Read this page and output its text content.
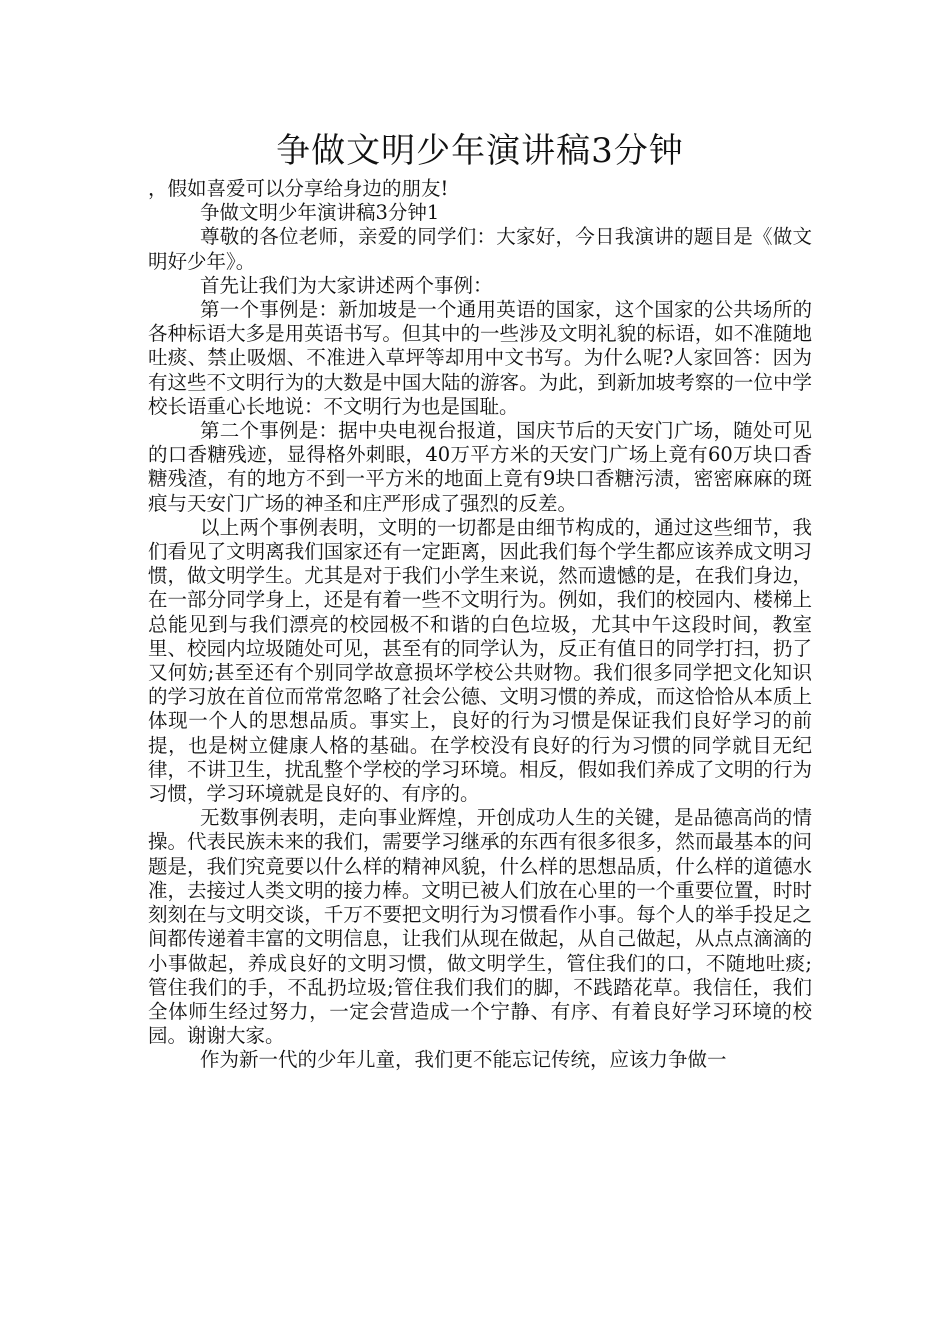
争做文明少年演讲稿3分钟

，假如喜爱可以分享给身边的朋友!

争做文明少年演讲稿3分钟1

尊敬的各位老师，亲爱的同学们：大家好，今日我演讲的题目是《做文明好少年》。

首先让我们为大家讲述两个事例：

第一个事例是：新加坡是一个通用英语的国家，这个国家的公共场所的各种标语大多是用英语书写。但其中的一些涉及文明礼貌的标语，如不准随地吐痰、禁止吸烟、不准进入草坪等却用中文书写。为什么呢?人家回答：因为有这些不文明行为的大数是中国大陆的游客。为此，到新加坡考察的一位中学校长语重心长地说：不文明行为也是国耻。

第二个事例是：据中央电视台报道，国庆节后的天安门广场，随处可见的口香糖残迹，显得格外刺眼，40万平方米的天安门广场上竟有60万块口香糖残渣，有的地方不到一平方米的地面上竟有9块口香糖污渍，密密麻麻的斑痕与天安门广场的神圣和庄严形成了强烈的反差。

以上两个事例表明，文明的一切都是由细节构成的，通过这些细节，我们看见了文明离我们国家还有一定距离，因此我们每个学生都应该养成文明习惯，做文明学生。尤其是对于我们小学生来说，然而遗憾的是，在我们身边，在一部分同学身上，还是有着一些不文明行为。例如，我们的校园内、楼梯上总能见到与我们漂亮的校园极不和谐的白色垃圾，尤其中午这段时间，教室里、校园内垃圾随处可见，甚至有的同学认为，反正有值日的同学打扫，扔了又何妨;甚至还有个别同学故意损坏学校公共财物。我们很多同学把文化知识的学习放在首位而常常忽略了社会公德、文明习惯的养成，而这恰恰从本质上体现一个人的思想品质。事实上，良好的行为习惯是保证我们良好学习的前提，也是树立健康人格的基础。在学校没有良好的行为习惯的同学就目无纪律，不讲卫生，扰乱整个学校的学习环境。相反，假如我们养成了文明的行为习惯，学习环境就是良好的、有序的。

无数事例表明，走向事业辉煌，开创成功人生的关键，是品德高尚的情操。代表民族未来的我们，需要学习继承的东西有很多很多，然而最基本的问题是，我们究竟要以什么样的精神风貌，什么样的思想品质，什么样的道德水准，去接过人类文明的接力棒。文明已被人们放在心里的一个重要位置，时时刻刻在与文明交谈，千万不要把文明行为习惯看作小事。每个人的举手投足之间都传递着丰富的文明信息，让我们从现在做起，从自己做起，从点点滴滴的小事做起，养成良好的文明习惯，做文明学生，管住我们的口，不随地吐痰;管住我们的手，不乱扔垃圾;管住我们我们的脚，不践踏花草。我信任，我们全体师生经过努力，一定会营造成一个宁静、有序、有着良好学习环境的校园。谢谢大家。

作为新一代的少年儿童，我们更不能忘记传统，应该力争做一
